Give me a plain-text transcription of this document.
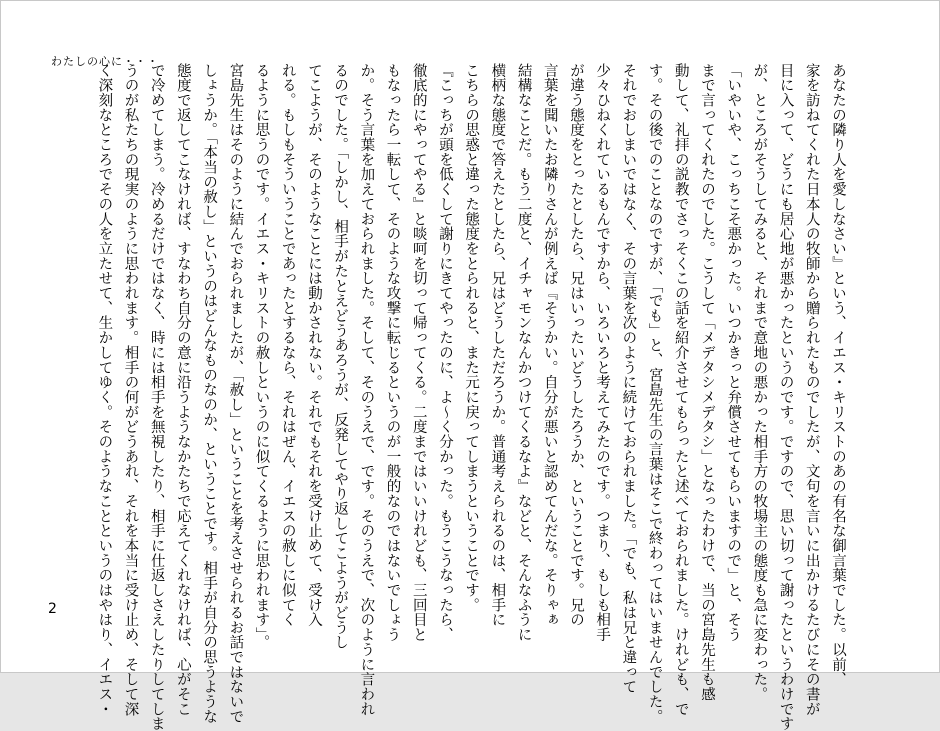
わたしの心に・・・
あなたの隣り人を愛しなさい』という、イエス・キリストのあの有名な御言葉でした。以前、
家を訪ねてくれた日本人の牧師から贈られたものでしたが、文句を言いに出かけるたびにその書が
目に入って、どうにも居心地が悪かったというのです。ですので、思い切って謝ったというわけです
が、ところがそうしてみると、それまで意地の悪かった相手方の牧場主の態度も急に変わった。
「いやいや、こっちこそ悪かった。いつかきっと弁償させてもらいますので」と、そう
まで言ってくれたのでした。こうして「メデタシメデタシ」となったわけで、当の宮島先生も感
動して、礼拝の説教でさっそくこの話を紹介させてもらったと述べておられました。けれども、で
す。その後でのことなのですが、「でも」と、宮島先生の言葉はそこで終わってはいませんでした。
それでおしまいではなく、その言葉を次のように続けておられました。「でも、私は兄と違って
少々ひねくれているもんですから、いろいろと考えてみたのです。つまり、もしも相手
が違う態度をとったとしたら、兄はいったいどうしたろうか、ということです。兄の
言葉を聞いたお隣りさんが例えば『そうかい。自分が悪いと認めてんだな。そりゃぁ
結構なことだ。もう二度と、イチャモンなんかつけてくるなよ』などと、そんなふうに
横柄な態度で答えたとしたら、兄はどうしただろうか。普通考えられるのは、相手に
こちらの思惑と違った態度をとられると、また元に戻ってしまうということです。
『こっちが頭を低くして謝りにきてやったのに、よ～く分かった。もうこうなったら、
徹底的にやってやる』と啖呵を切って帰ってくる。二度まではいいけれども、三回目と
もなったら一転して、そのような攻撃に転じるというのが一般的なのではないでしょう
か。そう言葉を加えておられました。そして、そのうえで、です。そのうえで、次のように言われ
るのでした。「しかし、相手がたとえどうあろうが、反発してやり返してこようがどうし
てこようが、そのようなことには動かされない。それでもそれを受け止めて、受け入
れる。もしもそういうことであったとするなら、それはぜん、イエスの赦しに似てく
るように思うのです。イエス・キリストの赦しというのに似てくるように思われます」。
宮島先生はそのように結んでおられましたが、「赦し」ということを考えさせられるお話ではないで
しょうか。「本当の赦し」というのはどんなものなのか、ということです。相手が自分の思うような
態度で返してこなければ、すなわち自分の意に沿うようなかたちで応えてくれなければ、心がそこ
で冷めてしまう。冷めるだけではなく、時には相手を無視したり、相手に仕返しさえしたりしてしま
うのが私たちの現実のように思われます。相手の何がどうあれ、それを本当に受け止め、そして深
く深刻なところでその人を立たせて、生かしてゆく。そのようなことというのはやはり、イエス・
2
